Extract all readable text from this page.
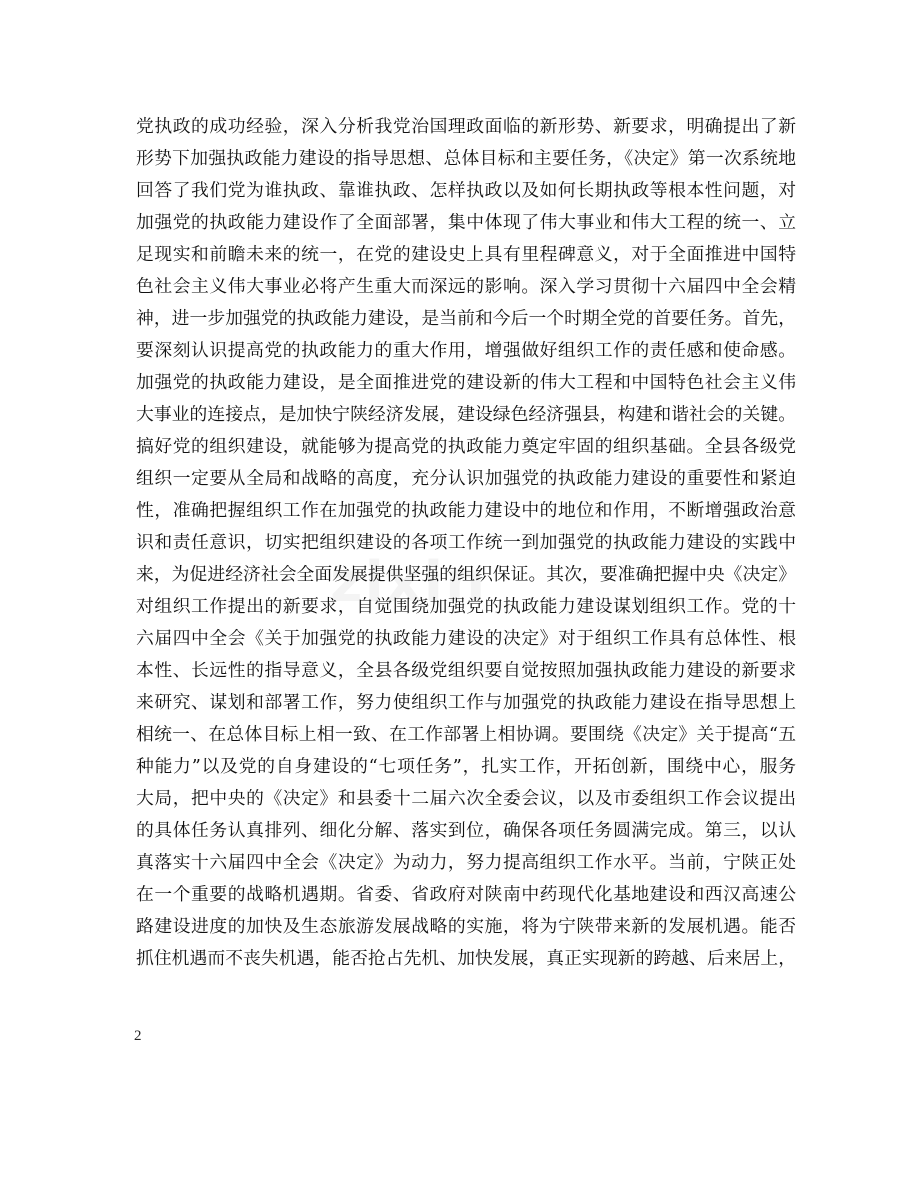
党执政的成功经验，深入分析我党治国理政面临的新形势、新要求，明确提出了新
形势下加强执政能力建设的指导思想、总体目标和主要任务，《决定》第一次系统地
回答了我们党为谁执政、靠谁执政、怎样执政以及如何长期执政等根本性问题，对
加强党的执政能力建设作了全面部署，集中体现了伟大事业和伟大工程的统一、立
足现实和前瞻未来的统一，在党的建设史上具有里程碑意义，对于全面推进中国特
色社会主义伟大事业必将产生重大而深远的影响。深入学习贯彻十六届四中全会精
神，进一步加强党的执政能力建设，是当前和今后一个时期全党的首要任务。首先，
要深刻认识提高党的执政能力的重大作用，增强做好组织工作的责任感和使命感。
加强党的执政能力建设，是全面推进党的建设新的伟大工程和中国特色社会主义伟
大事业的连接点，是加快宁陕经济发展，建设绿色经济强县，构建和谐社会的关键。
搞好党的组织建设，就能够为提高党的执政能力奠定牢固的组织基础。全县各级党
组织一定要从全局和战略的高度，充分认识加强党的执政能力建设的重要性和紧迫
性，准确把握组织工作在加强党的执政能力建设中的地位和作用，不断增强政治意
识和责任意识，切实把组织建设的各项工作统一到加强党的执政能力建设的实践中
来，为促进经济社会全面发展提供坚强的组织保证。其次，要准确把握中央《决定》
对组织工作提出的新要求，自觉围绕加强党的执政能力建设谋划组织工作。党的十
六届四中全会《关于加强党的执政能力建设的决定》对于组织工作具有总体性、根
本性、长远性的指导意义，全县各级党组织要自觉按照加强执政能力建设的新要求
来研究、谋划和部署工作，努力使组织工作与加强党的执政能力建设在指导思想上
相统一、在总体目标上相一致、在工作部署上相协调。要围绕《决定》关于提高“五
种能力”以及党的自身建设的“七项任务”，扎实工作，开拓创新，围绕中心，服务
大局，把中央的《决定》和县委十二届六次全委会议，以及市委组织工作会议提出
的具体任务认真排列、细化分解、落实到位，确保各项任务圆满完成。第三，以认
真落实十六届四中全会《决定》为动力，努力提高组织工作水平。当前，宁陕正处
在一个重要的战略机遇期。省委、省政府对陕南中药现代化基地建设和西汉高速公
路建设进度的加快及生态旅游发展战略的实施，将为宁陕带来新的发展机遇。能否
抓住机遇而不丧失机遇，能否抢占先机、加快发展，真正实现新的跨越、后来居上，
2
